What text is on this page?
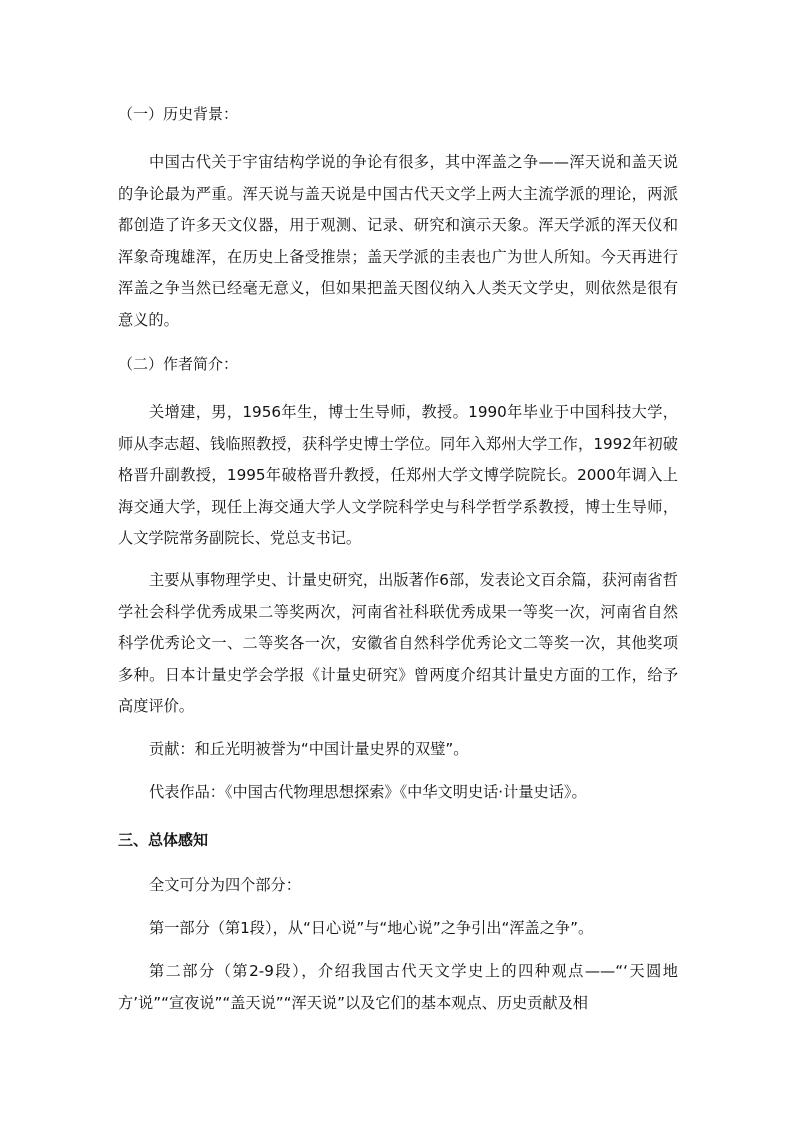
（一）历史背景：

中国古代关于宇宙结构学说的争论有很多，其中浑盖之争——浑天说和盖天说的争论最为严重。浑天说与盖天说是中国古代天文学上两大主流学派的理论，两派都创造了许多天文仪器，用于观测、记录、研究和演示天象。浑天学派的浑天仪和浑象奇瑰雄浑，在历史上备受推崇；盖天学派的圭表也广为世人所知。今天再进行浑盖之争当然已经毫无意义，但如果把盖天图仪纳入人类天文学史，则依然是很有意义的。

（二）作者简介：

关增建，男，1956年生，博士生导师，教授。1990年毕业于中国科技大学，师从李志超、钱临照教授，获科学史博士学位。同年入郑州大学工作，1992年初破格晋升副教授，1995年破格晋升教授，任郑州大学文博学院院长。2000年调入上海交通大学，现任上海交通大学人文学院科学史与科学哲学系教授，博士生导师，人文学院常务副院长、党总支书记。

主要从事物理学史、计量史研究，出版著作6部，发表论文百余篇，获河南省哲学社会科学优秀成果二等奖两次，河南省社科联优秀成果一等奖一次，河南省自然科学优秀论文一、二等奖各一次，安徽省自然科学优秀论文二等奖一次，其他奖项多种。日本计量史学会学报《计量史研究》曾两度介绍其计量史方面的工作，给予高度评价。

贡献：和丘光明被誉为“中国计量史界的双璧”。

代表作品：《中国古代物理思想探索》《中华文明史话·计量史话》。

三、总体感知

全文可分为四个部分：

第一部分（第1段），从“日心说”与“地心说”之争引出“浑盖之争”。

第二部分（第2-9段），介绍我国古代天文学史上的四种观点——“‘天圆地方’说”“宣夜说”“盖天说”“浑天说”以及它们的基本观点、历史贡献及相
